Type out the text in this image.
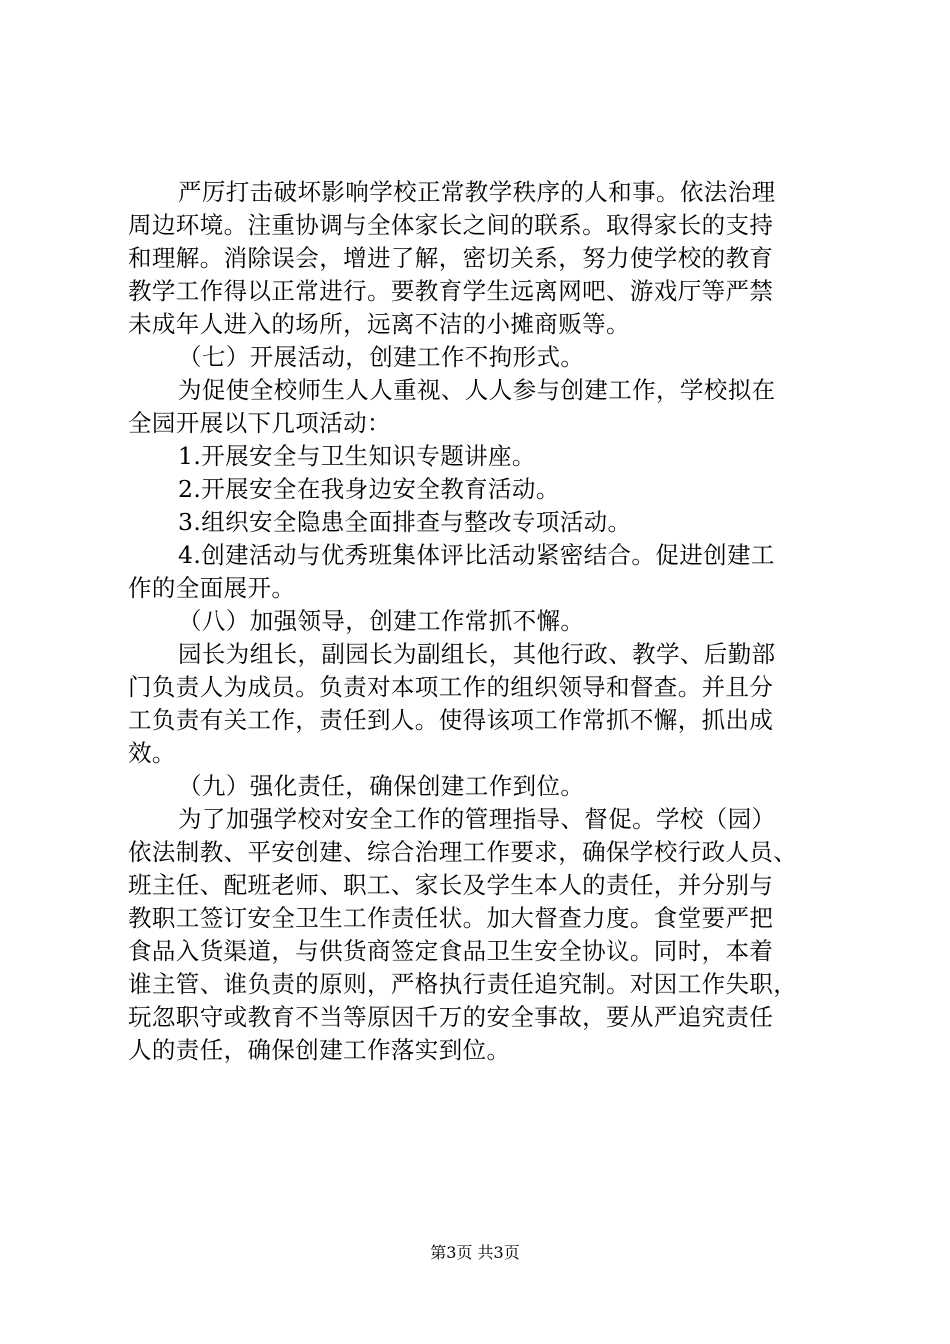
严厉打击破坏影响学校正常教学秩序的人和事。依法治理
周边环境。注重协调与全体家长之间的联系。取得家长的支持
和理解。消除误会，增进了解，密切关系，努力使学校的教育
教学工作得以正常进行。要教育学生远离网吧、游戏厅等严禁
未成年人进入的场所，远离不洁的小摊商贩等。
（七）开展活动，创建工作不拘形式。
为促使全校师生人人重视、人人参与创建工作，学校拟在
全园开展以下几项活动：
1.开展安全与卫生知识专题讲座。
2.开展安全在我身边安全教育活动。
3.组织安全隐患全面排查与整改专项活动。
4.创建活动与优秀班集体评比活动紧密结合。促进创建工
作的全面展开。
（八）加强领导，创建工作常抓不懈。
园长为组长，副园长为副组长，其他行政、教学、后勤部
门负责人为成员。负责对本项工作的组织领导和督查。并且分
工负责有关工作，责任到人。使得该项工作常抓不懈，抓出成
效。
（九）强化责任，确保创建工作到位。
为了加强学校对安全工作的管理指导、督促。学校（园）
依法制教、平安创建、综合治理工作要求，确保学校行政人员、
班主任、配班老师、职工、家长及学生本人的责任，并分别与
教职工签订安全卫生工作责任状。加大督查力度。食堂要严把
食品入货渠道，与供货商签定食品卫生安全协议。同时，本着
谁主管、谁负责的原则，严格执行责任追究制。对因工作失职，
玩忽职守或教育不当等原因千万的安全事故，要从严追究责任
人的责任，确保创建工作落实到位。
第3页 共3页
